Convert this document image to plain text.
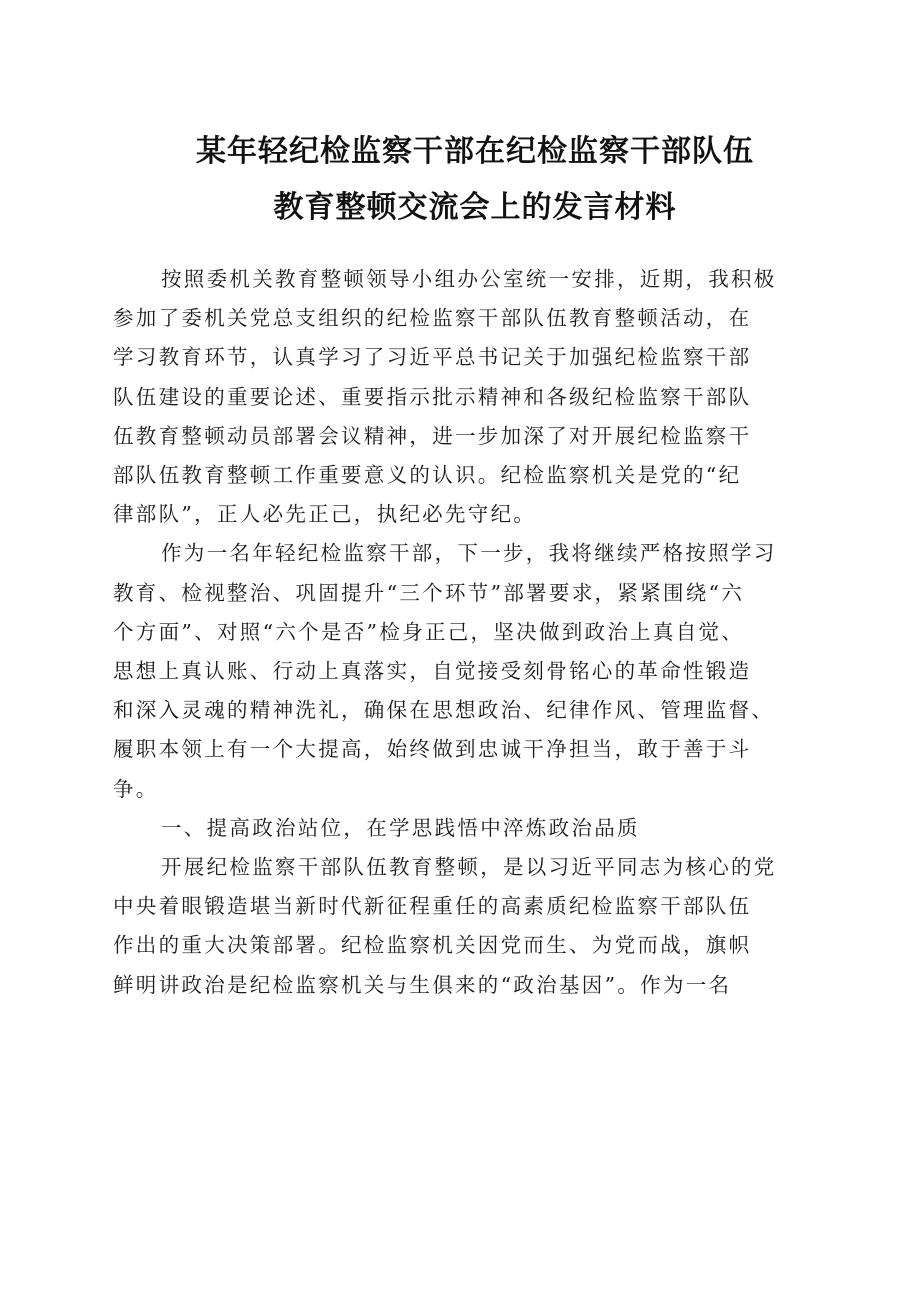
某年轻纪检监察干部在纪检监察干部队伍
教育整顿交流会上的发言材料

按照委机关教育整顿领导小组办公室统一安排，近期，我积极
参加了委机关党总支组织的纪检监察干部队伍教育整顿活动，在
学习教育环节，认真学习了习近平总书记关于加强纪检监察干部
队伍建设的重要论述、重要指示批示精神和各级纪检监察干部队
伍教育整顿动员部署会议精神，进一步加深了对开展纪检监察干
部队伍教育整顿工作重要意义的认识。纪检监察机关是党的“纪
律部队”，正人必先正己，执纪必先守纪。

作为一名年轻纪检监察干部，下一步，我将继续严格按照学习
教育、检视整治、巩固提升“三个环节”部署要求，紧紧围绕“六
个方面”、对照“六个是否”检身正己，坚决做到政治上真自觉、
思想上真认账、行动上真落实，自觉接受刻骨铭心的革命性锻造
和深入灵魂的精神洗礼，确保在思想政治、纪律作风、管理监督、
履职本领上有一个大提高，始终做到忠诚干净担当，敢于善于斗
争。

一、提高政治站位，在学思践悟中淬炼政治品质

开展纪检监察干部队伍教育整顿，是以习近平同志为核心的党
中央着眼锻造堪当新时代新征程重任的高素质纪检监察干部队伍
作出的重大决策部署。纪检监察机关因党而生、为党而战，旗帜
鲜明讲政治是纪检监察机关与生俱来的“政治基因”。作为一名
